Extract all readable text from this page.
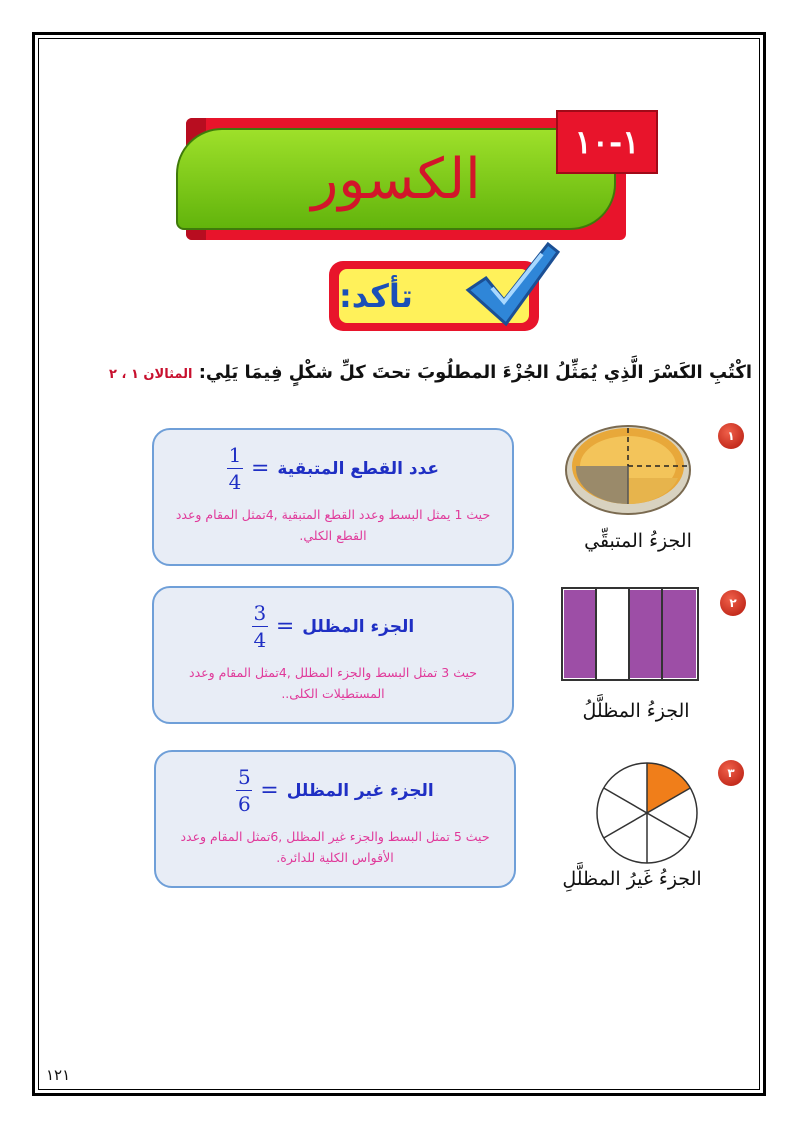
الكسور
١-١٠
تأكد:
اكْتُبِ الكَسْرَ الَّذِي يُمَثِّلُ الجُزْءَ المطلُوبَ تحتَ كلِّ شكْلٍ فِيمَا يَلِي: المثالان ١ ، ٢
١
الجزءُ المتبقِّي
عدد القطع المتبقية
=
$\frac{1}{4}$
حيث 1 يمثل البسط وعدد القطع المتبقية ,4تمثل المقام وعدد القطع الكلي.
٢
الجزءُ المظلَّلُ
الجزء المظلل
=
$\frac{3}{4}$
حيث 3 تمثل البسط والجزء المظلل ,4تمثل المقام وعدد المستطيلات الكلى..
٣
الجزءُ غَيرُ المظلَّلِ
الجزء غير المظلل
=
$\frac{5}{6}$
حيث 5 تمثل البسط والجزء غير المظلل ,6تمثل المقام وعدد الأقواس الكلية للدائرة.
١٢١
